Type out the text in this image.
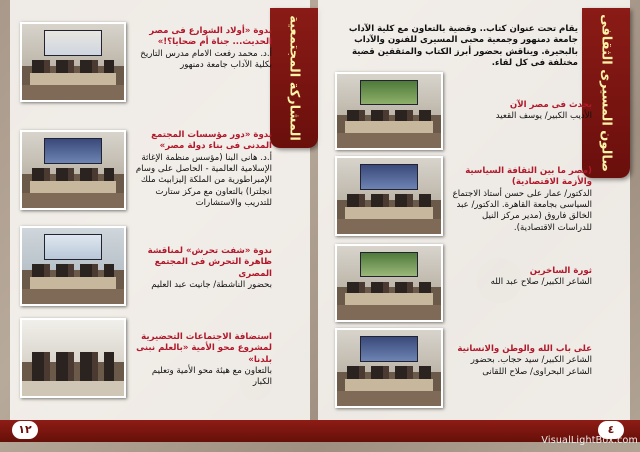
المشاركة المجتمعية
ندوة «أولاد الشوارع فى مصر الحديث... جناة أم ضحايا؟!»
أ.د. محمد رفعت الامام مدرس التاريخ بكلية الآداب جامعة دمنهور
ندوة «دور مؤسسات المجتمع المدنى فى بناء دولة مصر»
أ.د. هانى البنا (مؤسس منظمة الإغاثة الإسلامية العالمية - الحاصل على وسام الإمبراطورية من الملكة إليزابيث ملك انجلترا) بالتعاون مع مركز ستارت للتدريب والاستشارات
ندوة «شفت تحرش» لمناقشة ظاهرة التحرش فى المجتمع المصرى
بحضور الناشطة/ جانيت عبد العليم
استضافة الاجتماعات التحضيرية لمشروع محو الأمية «بالعلم نبنى بلدنا»
بالتعاون مع هيئة محو الأمية وتعليم الكبار
صالون المسيرى الثقافى
يقام تحت عنوان كتاب.. وقضية بالتعاون مع كلية الآداب جامعة دمنهور وجمعية محبى المسيرى للفنون والآداب بالبحيرة. ويناقش بحضور أبرز الكتاب والمثقفين قضية مختلفة فى كل لقاء.
بحدث فى مصر الآن
الأديب الكبير/ يوسف القعيد
(مصر ما بين الثقافة السياسية والأزمة الاقتصادية)
الدكتور/ عمار على حسن أستاذ الاجتماع السياسى بجامعة القاهرة. الدكتور/ عبد الخالق فاروق (مدير مركز النيل للدراسات الاقتصادية).
ثورة الساخرين
الشاعر الكبير/ صلاح عبد الله
على باب الله والوطن والانسانية
الشاعر الكبير/ سيد حجاب. بحضور الشاعر البحراوى/ صلاح اللقانى
١٢	٤
VisualLightBox.com
